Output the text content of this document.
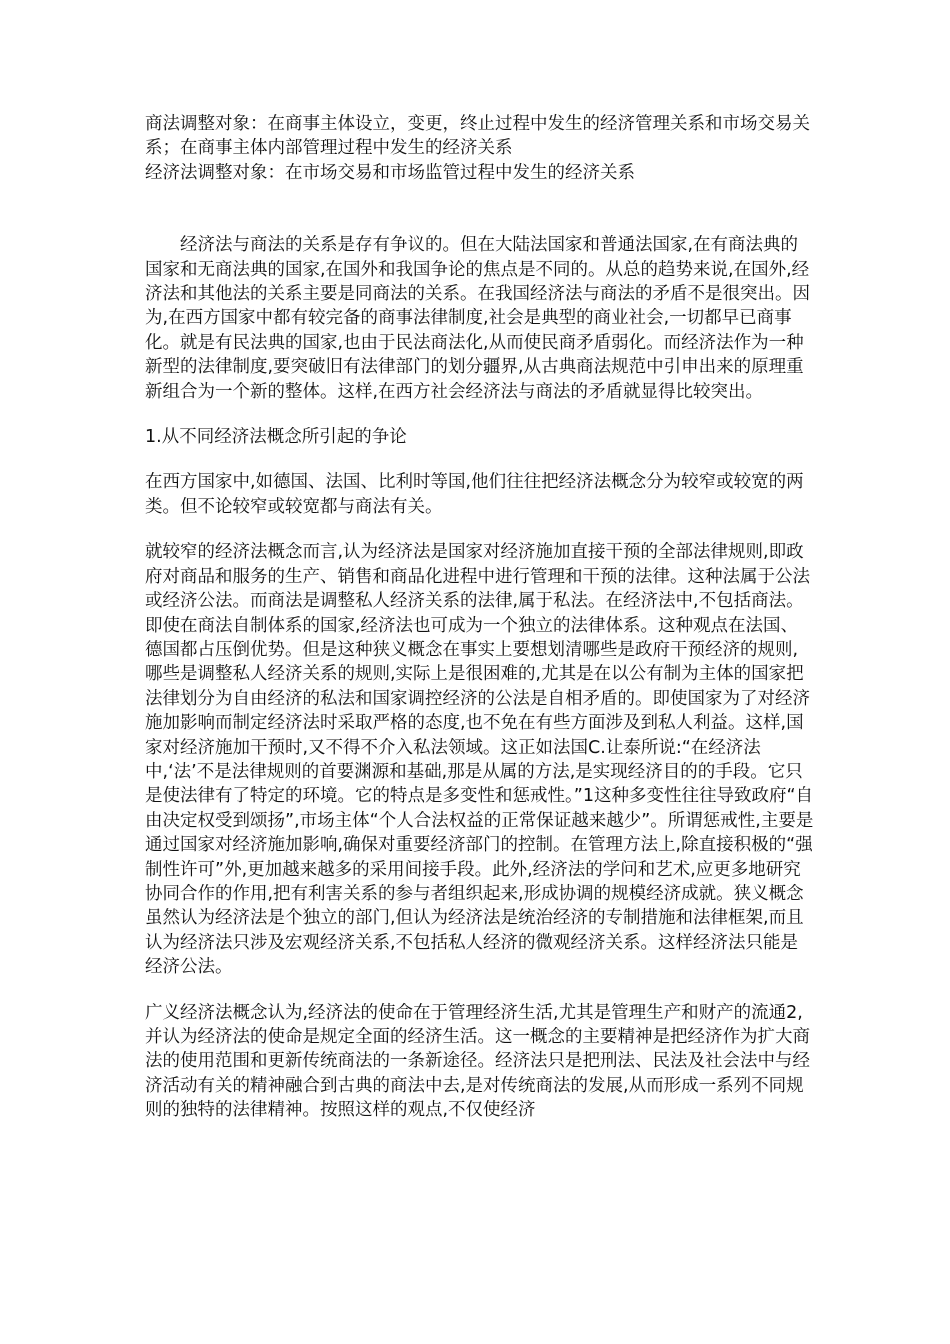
商法调整对象：在商事主体设立，变更，终止过程中发生的经济管理关系和市场交易关系；在商事主体内部管理过程中发生的经济关系

经济法调整对象：在市场交易和市场监管过程中发生的经济关系

经济法与商法的关系是存有争议的。但在大陆法国家和普通法国家,在有商法典的国家和无商法典的国家,在国外和我国争论的焦点是不同的。从总的趋势来说,在国外,经济法和其他法的关系主要是同商法的关系。在我国经济法与商法的矛盾不是很突出。因为,在西方国家中都有较完备的商事法律制度,社会是典型的商业社会,一切都早已商事化。就是有民法典的国家,也由于民法商法化,从而使民商矛盾弱化。而经济法作为一种新型的法律制度,要突破旧有法律部门的划分疆界,从古典商法规范中引申出来的原理重新组合为一个新的整体。这样,在西方社会经济法与商法的矛盾就显得比较突出。

1.从不同经济法概念所引起的争论

在西方国家中,如德国、法国、比利时等国,他们往往把经济法概念分为较窄或较宽的两类。但不论较窄或较宽都与商法有关。

就较窄的经济法概念而言,认为经济法是国家对经济施加直接干预的全部法律规则,即政府对商品和服务的生产、销售和商品化进程中进行管理和干预的法律。这种法属于公法或经济公法。而商法是调整私人经济关系的法律,属于私法。在经济法中,不包括商法。即使在商法自制体系的国家,经济法也可成为一个独立的法律体系。这种观点在法国、德国都占压倒优势。但是这种狭义概念在事实上要想划清哪些是政府干预经济的规则,哪些是调整私人经济关系的规则,实际上是很困难的,尤其是在以公有制为主体的国家把法律划分为自由经济的私法和国家调控经济的公法是自相矛盾的。即使国家为了对经济施加影响而制定经济法时采取严格的态度,也不免在有些方面涉及到私人利益。这样,国家对经济施加干预时,又不得不介入私法领域。这正如法国C.让泰所说:“在经济法中,‘法’不是法律规则的首要渊源和基础,那是从属的方法,是实现经济目的的手段。它只是使法律有了特定的环境。它的特点是多变性和惩戒性。”1这种多变性往往导致政府“自由决定权受到颂扬”,市场主体“个人合法权益的正常保证越来越少”。所谓惩戒性,主要是通过国家对经济施加影响,确保对重要经济部门的控制。在管理方法上,除直接积极的“强制性许可”外,更加越来越多的采用间接手段。此外,经济法的学问和艺术,应更多地研究协同合作的作用,把有利害关系的参与者组织起来,形成协调的规模经济成就。狭义概念虽然认为经济法是个独立的部门,但认为经济法是统治经济的专制措施和法律框架,而且认为经济法只涉及宏观经济关系,不包括私人经济的微观经济关系。这样经济法只能是经济公法。

广义经济法概念认为,经济法的使命在于管理经济生活,尤其是管理生产和财产的流通2,并认为经济法的使命是规定全面的经济生活。这一概念的主要精神是把经济作为扩大商法的使用范围和更新传统商法的一条新途径。经济法只是把刑法、民法及社会法中与经济活动有关的精神融合到古典的商法中去,是对传统商法的发展,从而形成一系列不同规则的独特的法律精神。按照这样的观点,不仅使经济
